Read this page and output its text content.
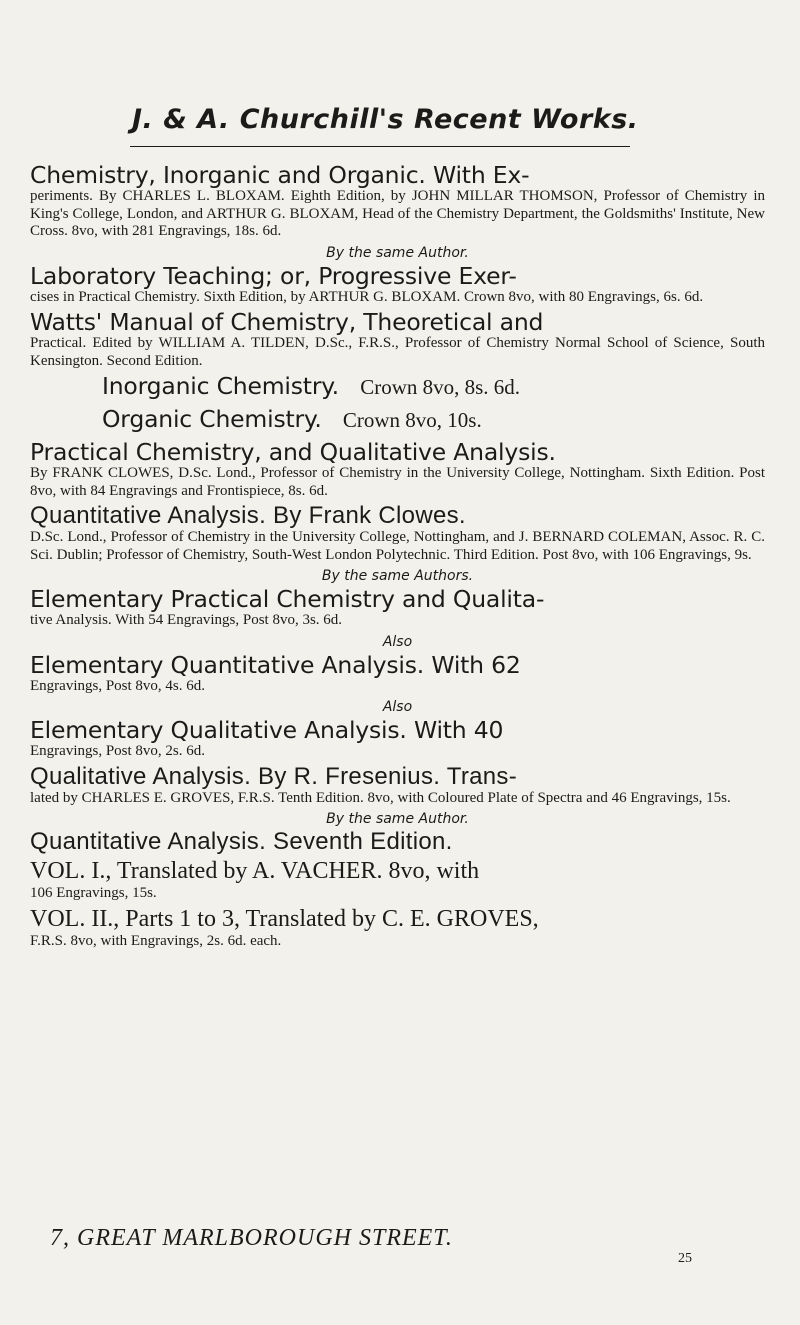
J. & A. Churchill's Recent Works.

Chemistry, Inorganic and Organic. With Ex-

periments. By CHARLES L. BLOXAM. Eighth Edition, by JOHN MILLAR THOMSON, Professor of Chemistry in King's College, London, and ARTHUR G. BLOXAM, Head of the Chemistry Department, the Goldsmiths' Institute, New Cross. 8vo, with 281 Engravings, 18s. 6d.

By the same Author.

Laboratory Teaching; or, Progressive Exer-

cises in Practical Chemistry. Sixth Edition, by ARTHUR G. BLOXAM. Crown 8vo, with 80 Engravings, 6s. 6d.

Watts' Manual of Chemistry, Theoretical and

Practical. Edited by WILLIAM A. TILDEN, D.Sc., F.R.S., Professor of Chemistry Normal School of Science, South Kensington. Second Edition.

Inorganic Chemistry. Crown 8vo, 8s. 6d.

Organic Chemistry. Crown 8vo, 10s.

Practical Chemistry, and Qualitative Analysis.

By FRANK CLOWES, D.Sc. Lond., Professor of Chemistry in the University College, Nottingham. Sixth Edition. Post 8vo, with 84 Engravings and Frontispiece, 8s. 6d.

Quantitative Analysis. By Frank Clowes.

D.Sc. Lond., Professor of Chemistry in the University College, Nottingham, and J. BERNARD COLEMAN, Assoc. R. C. Sci. Dublin; Professor of Chemistry, South-West London Polytechnic. Third Edition. Post 8vo, with 106 Engravings, 9s.

By the same Authors.

Elementary Practical Chemistry and Qualita-

tive Analysis. With 54 Engravings, Post 8vo, 3s. 6d.

Also

Elementary Quantitative Analysis. With 62

Engravings, Post 8vo, 4s. 6d.

Also

Elementary Qualitative Analysis. With 40

Engravings, Post 8vo, 2s. 6d.

Qualitative Analysis. By R. Fresenius. Trans-

lated by CHARLES E. GROVES, F.R.S. Tenth Edition. 8vo, with Coloured Plate of Spectra and 46 Engravings, 15s.

By the same Author.

Quantitative Analysis. Seventh Edition.

VOL. I., Translated by A. VACHER. 8vo, with

106 Engravings, 15s.

VOL. II., Parts 1 to 3, Translated by C. E. GROVES,

F.R.S. 8vo, with Engravings, 2s. 6d. each.

7, GREAT MARLBOROUGH STREET.
25
